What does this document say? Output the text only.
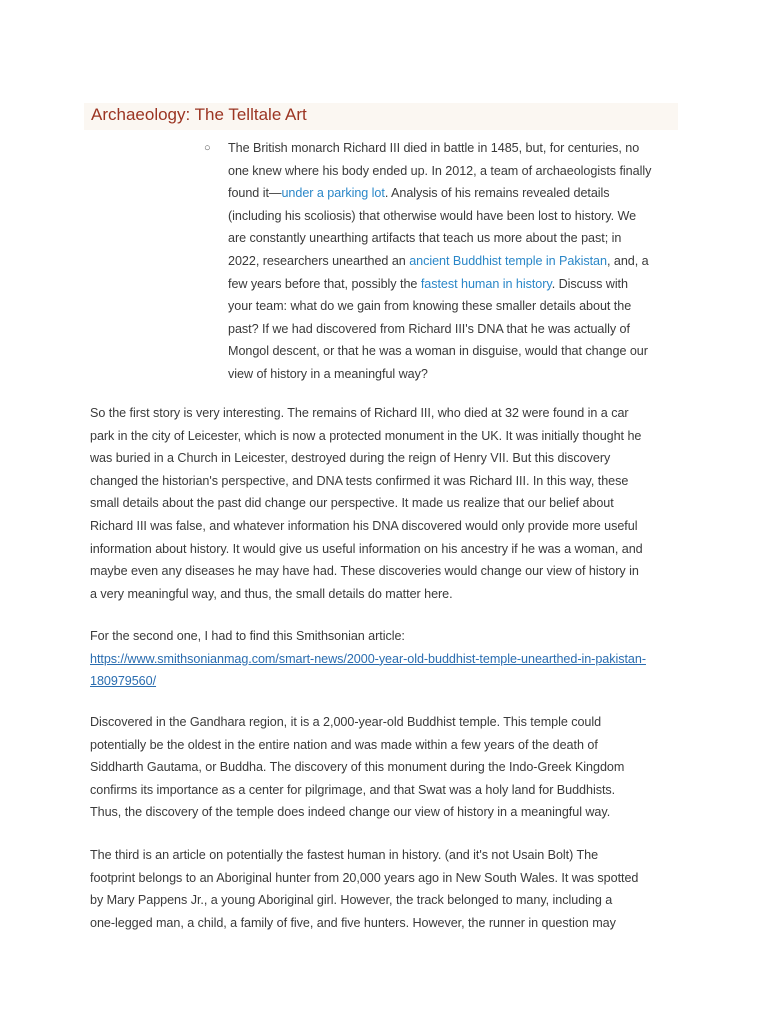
Archaeology: The Telltale Art
○ The British monarch Richard III died in battle in 1485, but, for centuries, no
one knew where his body ended up. In 2012, a team of archaeologists finally
found it—under a parking lot. Analysis of his remains revealed details
(including his scoliosis) that otherwise would have been lost to history. We
are constantly unearthing artifacts that teach us more about the past; in
2022, researchers unearthed an ancient Buddhist temple in Pakistan, and, a
few years before that, possibly the fastest human in history. Discuss with
your team: what do we gain from knowing these smaller details about the
past? If we had discovered from Richard III's DNA that he was actually of
Mongol descent, or that he was a woman in disguise, would that change our
view of history in a meaningful way?

So the first story is very interesting. The remains of Richard III, who died at 32 were found in a car
park in the city of Leicester, which is now a protected monument in the UK. It was initially thought he
was buried in a Church in Leicester, destroyed during the reign of Henry VII. But this discovery
changed the historian's perspective, and DNA tests confirmed it was Richard III. In this way, these
small details about the past did change our perspective. It made us realize that our belief about
Richard III was false, and whatever information his DNA discovered would only provide more useful
information about history. It would give us useful information on his ancestry if he was a woman, and
maybe even any diseases he may have had. These discoveries would change our view of history in
a very meaningful way, and thus, the small details do matter here.

For the second one, I had to find this Smithsonian article:
https://www.smithsonianmag.com/smart-news/2000-year-old-buddhist-temple-unearthed-in-pakistan-
180979560/

Discovered in the Gandhara region, it is a 2,000-year-old Buddhist temple. This temple could
potentially be the oldest in the entire nation and was made within a few years of the death of
Siddharth Gautama, or Buddha. The discovery of this monument during the Indo-Greek Kingdom
confirms its importance as a center for pilgrimage, and that Swat was a holy land for Buddhists.
Thus, the discovery of the temple does indeed change our view of history in a meaningful way.

The third is an article on potentially the fastest human in history. (and it's not Usain Bolt) The
footprint belongs to an Aboriginal hunter from 20,000 years ago in New South Wales. It was spotted
by Mary Pappens Jr., a young Aboriginal girl. However, the track belonged to many, including a
one-legged man, a child, a family of five, and five hunters. However, the runner in question may
